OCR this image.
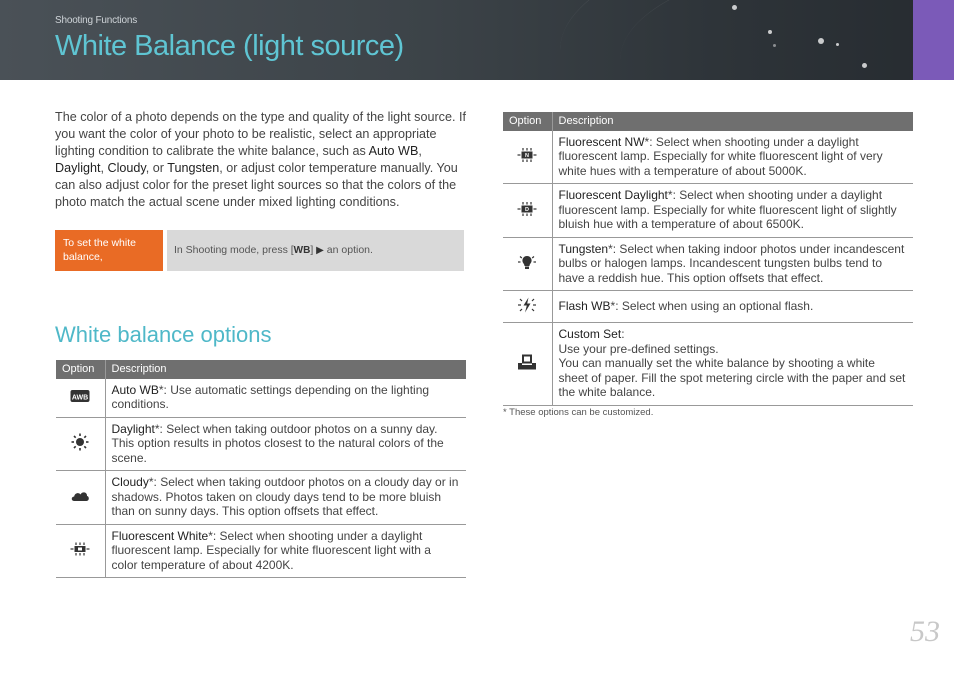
Shooting Functions
White Balance (light source)
The color of a photo depends on the type and quality of the light source. If you want the color of your photo to be realistic, select an appropriate lighting condition to calibrate the white balance, such as Auto WB, Daylight, Cloudy, or Tungsten, or adjust color temperature manually. You can also adjust color for the preset light sources so that the colors of the photo match the actual scene under mixed lighting conditions.
To set the white balance,
In Shooting mode, press [WB] ▶ an option.
White balance options
Option	Description

AWB	Auto WB*: Use automatic settings depending on the lighting conditions.
	Daylight*: Select when taking outdoor photos on a sunny day. This option results in photos closest to the natural colors of the scene.
	Cloudy*: Select when taking outdoor photos on a cloudy day or in shadows. Photos taken on cloudy days tend to be more bluish than on sunny days. This option offsets that effect.
	Fluorescent White*: Select when shooting under a daylight fluorescent lamp. Especially for white fluorescent light with a color temperature of about 4200K.
Option	Description

N	Fluorescent NW*: Select when shooting under a daylight fluorescent lamp. Especially for white fluorescent light of very white hues with a temperature of about 5000K.

D	Fluorescent Daylight*: Select when shooting under a daylight fluorescent lamp. Especially for white fluorescent light of slightly bluish hue with a temperature of about 6500K.
	Tungsten*: Select when taking indoor photos under incandescent bulbs or halogen lamps. Incandescent tungsten bulbs tend to have a reddish hue. This option offsets that effect.
	Flash WB*: Select when using an optional flash.
	Custom Set:
Use your pre-defined settings.
You can manually set the white balance by shooting a white sheet of paper. Fill the spot metering circle with the paper and set the white balance.
* These options can be customized.
53
